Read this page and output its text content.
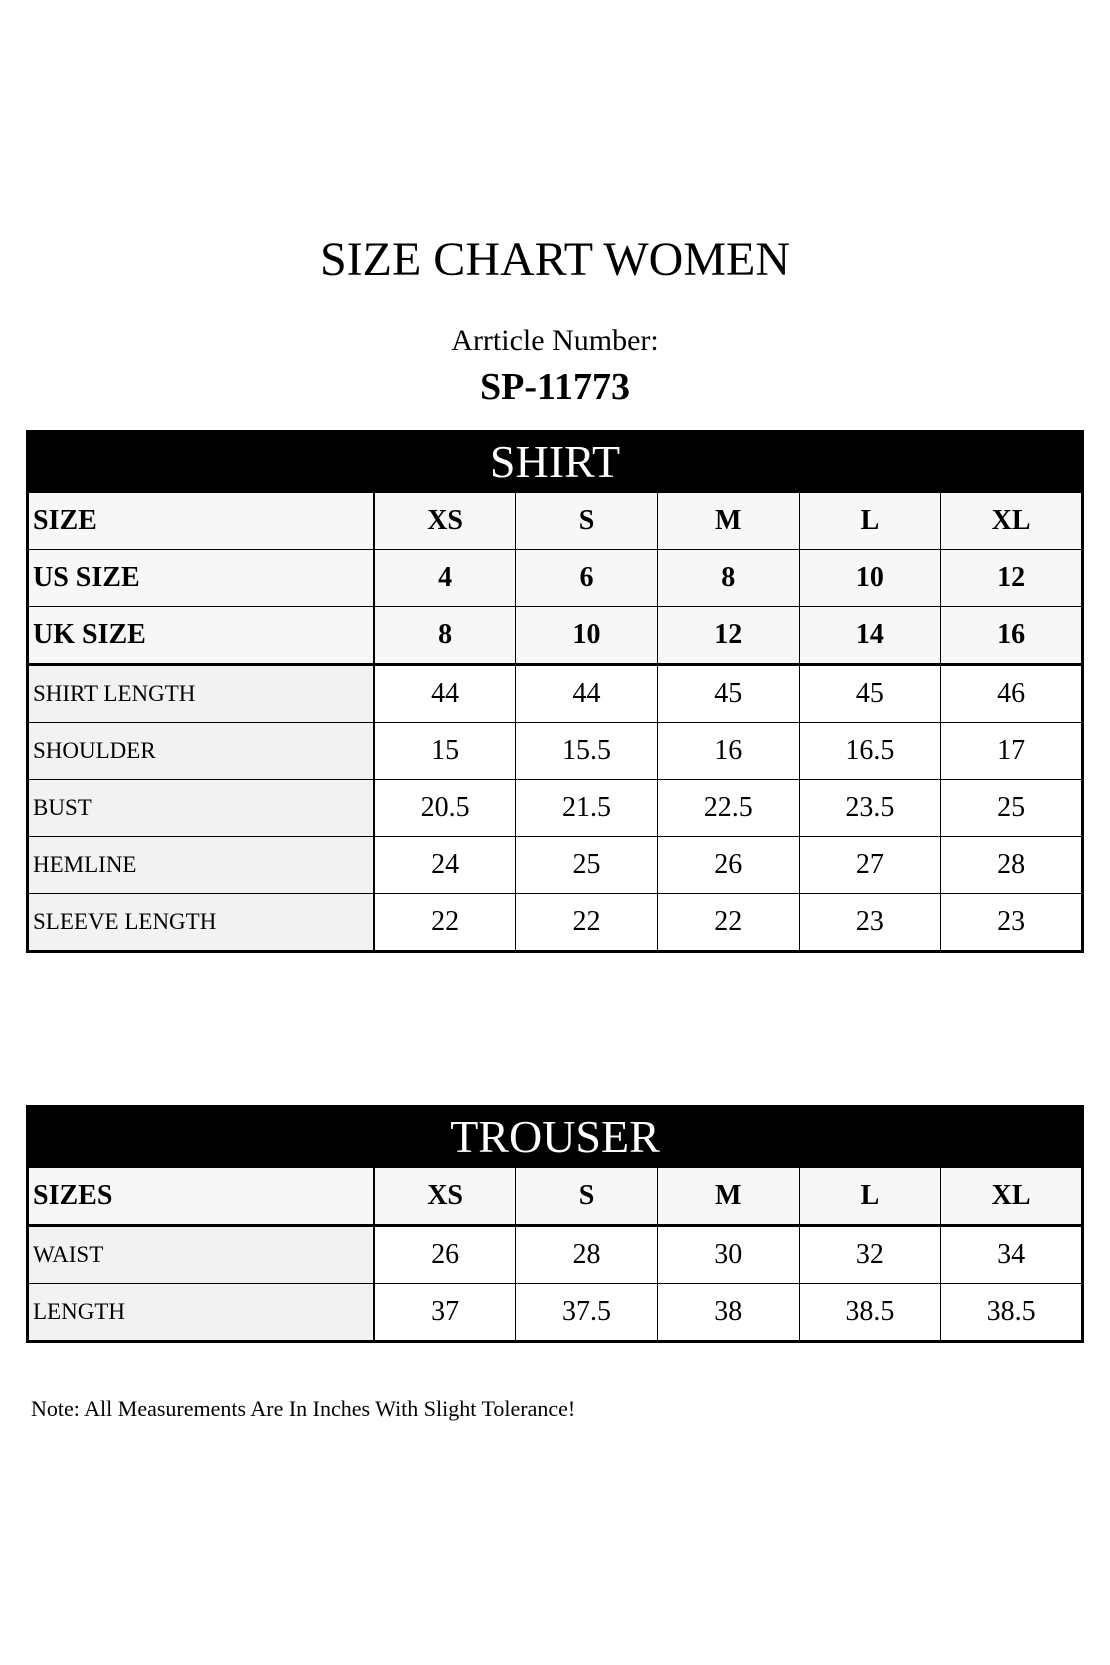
SIZE CHART WOMEN
Arrticle Number:
SP-11773
SHIRT
SIZE	XS	S	M	L	XL
US SIZE	4	6	8	10	12
UK SIZE	8	10	12	14	16
SHIRT LENGTH	44	44	45	45	46
SHOULDER	15	15.5	16	16.5	17
BUST	20.5	21.5	22.5	23.5	25
HEMLINE	24	25	26	27	28
SLEEVE LENGTH	22	22	22	23	23
TROUSER
SIZES	XS	S	M	L	XL
WAIST	26	28	30	32	34
LENGTH	37	37.5	38	38.5	38.5
Note: All Measurements Are In Inches With Slight Tolerance!
